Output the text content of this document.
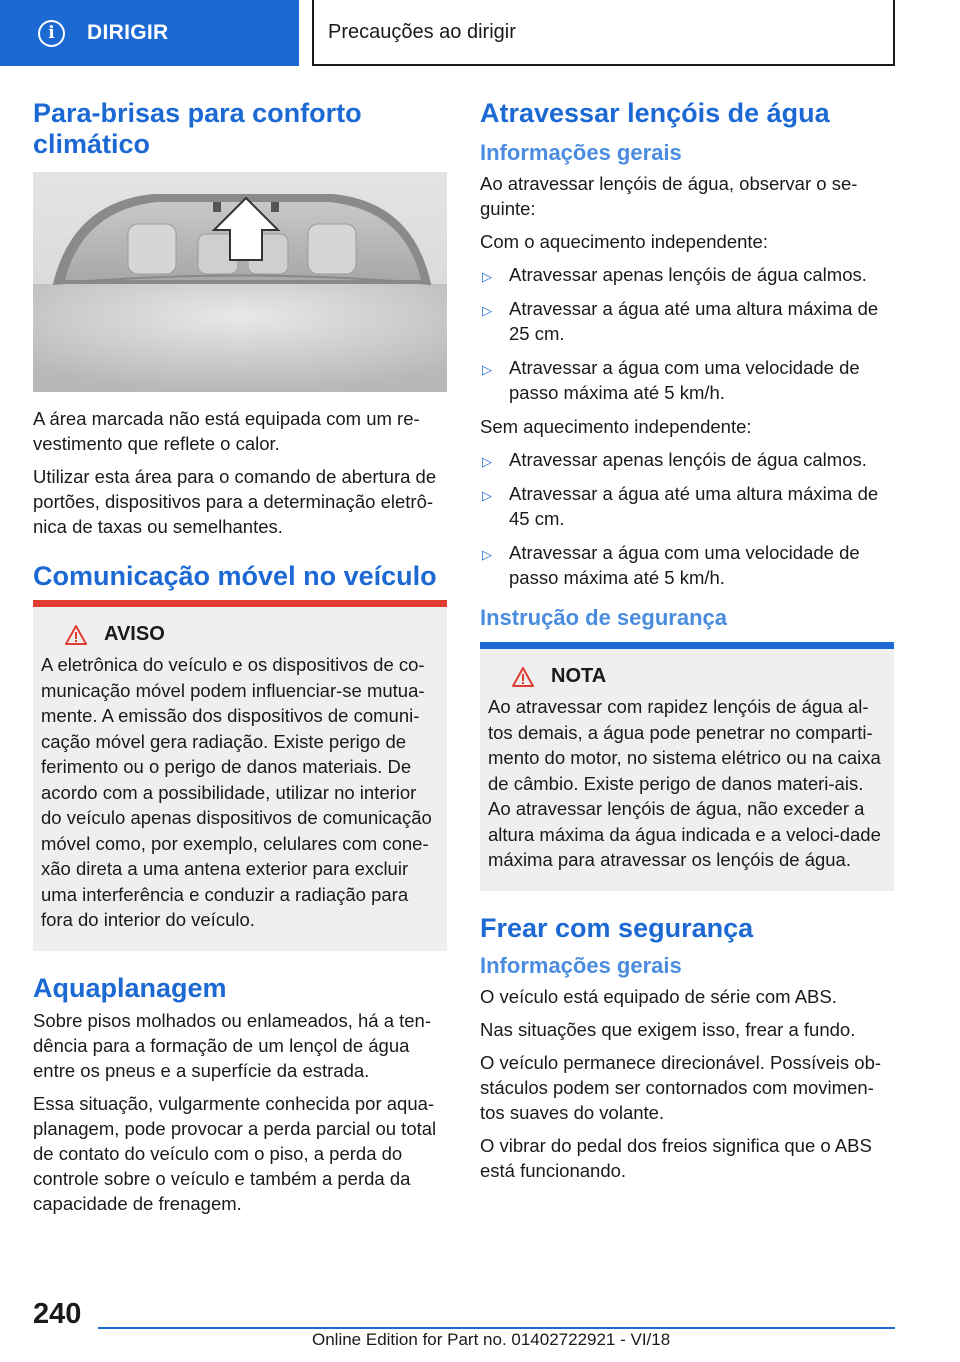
i	DIRIGIR	Precauções ao dirigir
Para-brisas para conforto climático

A área marcada não está equipada com um re-vestimento que reflete o calor.

Utilizar esta área para o comando de abertura de portões, dispositivos para a determinação eletrô-nica de taxas ou semelhantes.

Comunicação móvel no veículo
AVISO

A eletrônica do veículo e os dispositivos de co-municação móvel podem influenciar-se mutua-mente. A emissão dos dispositivos de comuni-cação móvel gera radiação. Existe perigo de ferimento ou o perigo de danos materiais. De acordo com a possibilidade, utilizar no interior do veículo apenas dispositivos de comunicação móvel como, por exemplo, celulares com cone-xão direta a uma antena exterior para excluir uma interferência e conduzir a radiação para fora do interior do veículo.

Aquaplanagem

Sobre pisos molhados ou enlameados, há a ten-dência para a formação de um lençol de água entre os pneus e a superfície da estrada.

Essa situação, vulgarmente conhecida por aqua-planagem, pode provocar a perda parcial ou total de contato do veículo com o piso, a perda do controle sobre o veículo e também a perda da capacidade de frenagem.

Atravessar lençóis de água
Informações gerais

Ao atravessar lençóis de água, observar o se-guinte:

Com o aquecimento independente:

▷ Atravessar apenas lençóis de água calmos.
▷ Atravessar a água até uma altura máxima de 25 cm.
▷ Atravessar a água com uma velocidade de passo máxima até 5 km/h.

Sem aquecimento independente:

▷ Atravessar apenas lençóis de água calmos.
▷ Atravessar a água até uma altura máxima de 45 cm.
▷ Atravessar a água com uma velocidade de passo máxima até 5 km/h.
Instrução de segurança
NOTA

Ao atravessar com rapidez lençóis de água al-tos demais, a água pode penetrar no comparti-mento do motor, no sistema elétrico ou na caixa de câmbio. Existe perigo de danos materi-ais. Ao atravessar lençóis de água, não exceder a altura máxima da água indicada e a veloci-dade máxima para atravessar os lençóis de água.

Frear com segurança
Informações gerais

O veículo está equipado de série com ABS.

Nas situações que exigem isso, frear a fundo.

O veículo permanece direcionável. Possíveis ob-stáculos podem ser contornados com movimen-tos suaves do volante.

O vibrar do pedal dos freios significa que o ABS está funcionando.

240
Online Edition for Part no. 01402722921 - VI/18
